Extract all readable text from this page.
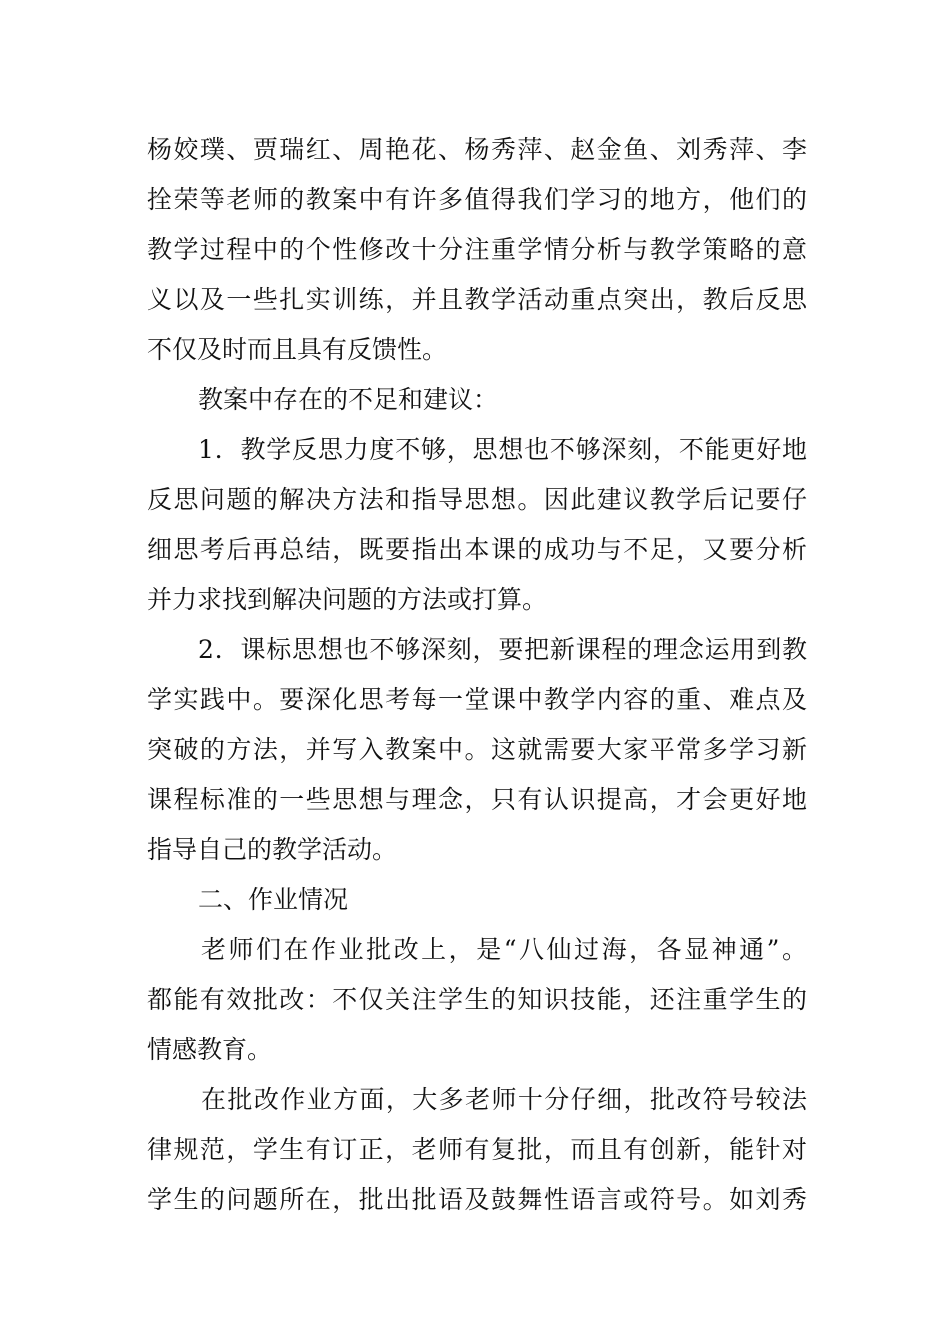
杨姣璞、贾瑞红、周艳花、杨秀萍、赵金鱼、刘秀萍、李
拴荣等老师的教案中有许多值得我们学习的地方，他们的
教学过程中的个性修改十分注重学情分析与教学策略的意
义以及一些扎实训练，并且教学活动重点突出，教后反思
不仅及时而且具有反馈性。
教案中存在的不足和建议：
1．教学反思力度不够，思想也不够深刻，不能更好地
反思问题的解决方法和指导思想。因此建议教学后记要仔
细思考后再总结，既要指出本课的成功与不足，又要分析
并力求找到解决问题的方法或打算。
2．课标思想也不够深刻，要把新课程的理念运用到教
学实践中。要深化思考每一堂课中教学内容的重、难点及
突破的方法，并写入教案中。这就需要大家平常多学习新
课程标准的一些思想与理念，只有认识提高，才会更好地
指导自己的教学活动。
二、作业情况
老师们在作业批改上，是“八仙过海，各显神通”。
都能有效批改：不仅关注学生的知识技能，还注重学生的
情感教育。
在批改作业方面，大多老师十分仔细，批改符号较法
律规范，学生有订正，老师有复批，而且有创新，能针对
学生的问题所在，批出批语及鼓舞性语言或符号。如刘秀
